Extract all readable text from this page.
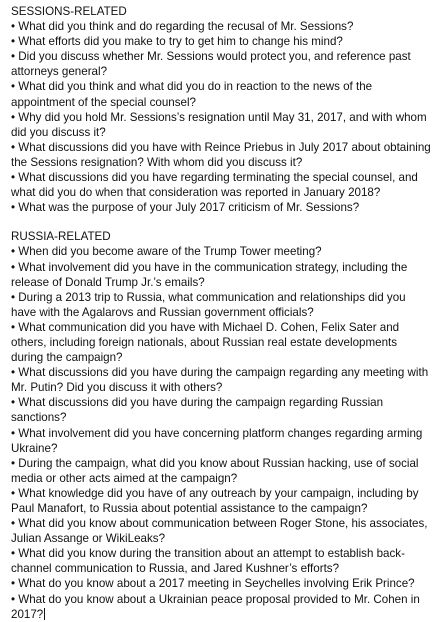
SESSIONS-RELATED
• What did you think and do regarding the recusal of Mr. Sessions?
• What efforts did you make to try to get him to change his mind?
• Did you discuss whether Mr. Sessions would protect you, and reference past attorneys general?
• What did you think and what did you do in reaction to the news of the appointment of the special counsel?
• Why did you hold Mr. Sessions’s resignation until May 31, 2017, and with whom did you discuss it?
• What discussions did you have with Reince Priebus in July 2017 about obtaining the Sessions resignation? With whom did you discuss it?
• What discussions did you have regarding terminating the special counsel, and what did you do when that consideration was reported in January 2018?
• What was the purpose of your July 2017 criticism of Mr. Sessions?
RUSSIA-RELATED
• When did you become aware of the Trump Tower meeting?
• What involvement did you have in the communication strategy, including the release of Donald Trump Jr.’s emails?
• During a 2013 trip to Russia, what communication and relationships did you have with the Agalarovs and Russian government officials?
• What communication did you have with Michael D. Cohen, Felix Sater and others, including foreign nationals, about Russian real estate developments during the campaign?
• What discussions did you have during the campaign regarding any meeting with Mr. Putin? Did you discuss it with others?
• What discussions did you have during the campaign regarding Russian sanctions?
• What involvement did you have concerning platform changes regarding arming Ukraine?
• During the campaign, what did you know about Russian hacking, use of social media or other acts aimed at the campaign?
• What knowledge did you have of any outreach by your campaign, including by Paul Manafort, to Russia about potential assistance to the campaign?
• What did you know about communication between Roger Stone, his associates, Julian Assange or WikiLeaks?
• What did you know during the transition about an attempt to establish back-channel communication to Russia, and Jared Kushner’s efforts?
• What do you know about a 2017 meeting in Seychelles involving Erik Prince?
• What do you know about a Ukrainian peace proposal provided to Mr. Cohen in 2017?
